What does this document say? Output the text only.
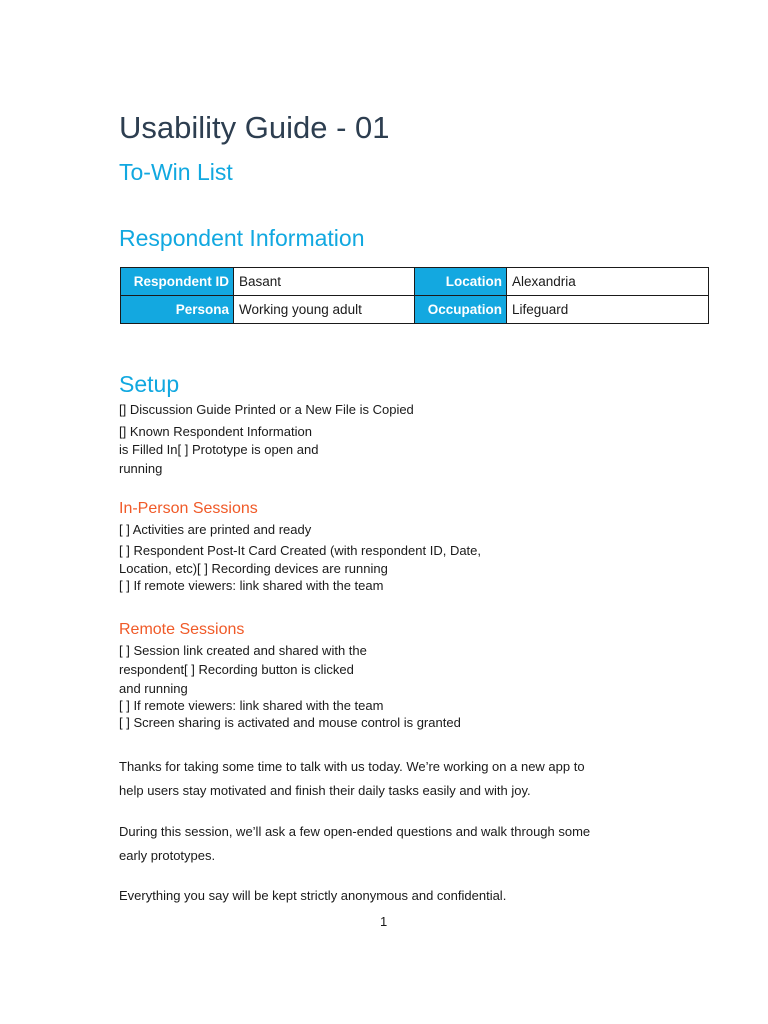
Usability Guide - 01
To-Win List
Respondent Information
Respondent ID	Basant	Location	Alexandria
Persona	Working young adult	Occupation	Lifeguard
Setup
[] Discussion Guide Printed or a New File is Copied
[] Known Respondent Information
is Filled In[ ] Prototype is open and
running
In-Person Sessions
[ ] Activities are printed and ready
[ ] Respondent Post-It Card Created (with respondent ID, Date,
Location, etc)[ ] Recording devices are running
[ ] If remote viewers: link shared with the team
Remote Sessions
[ ] Session link created and shared with the
respondent[ ] Recording button is clicked
and running
[ ] If remote viewers: link shared with the team
[ ] Screen sharing is activated and mouse control is granted
Thanks for taking some time to talk with us today. We’re working on a new app to
help users stay motivated and finish their daily tasks easily and with joy.
During this session, we’ll ask a few open-ended questions and walk through some
early prototypes.
Everything you say will be kept strictly anonymous and confidential.
1
